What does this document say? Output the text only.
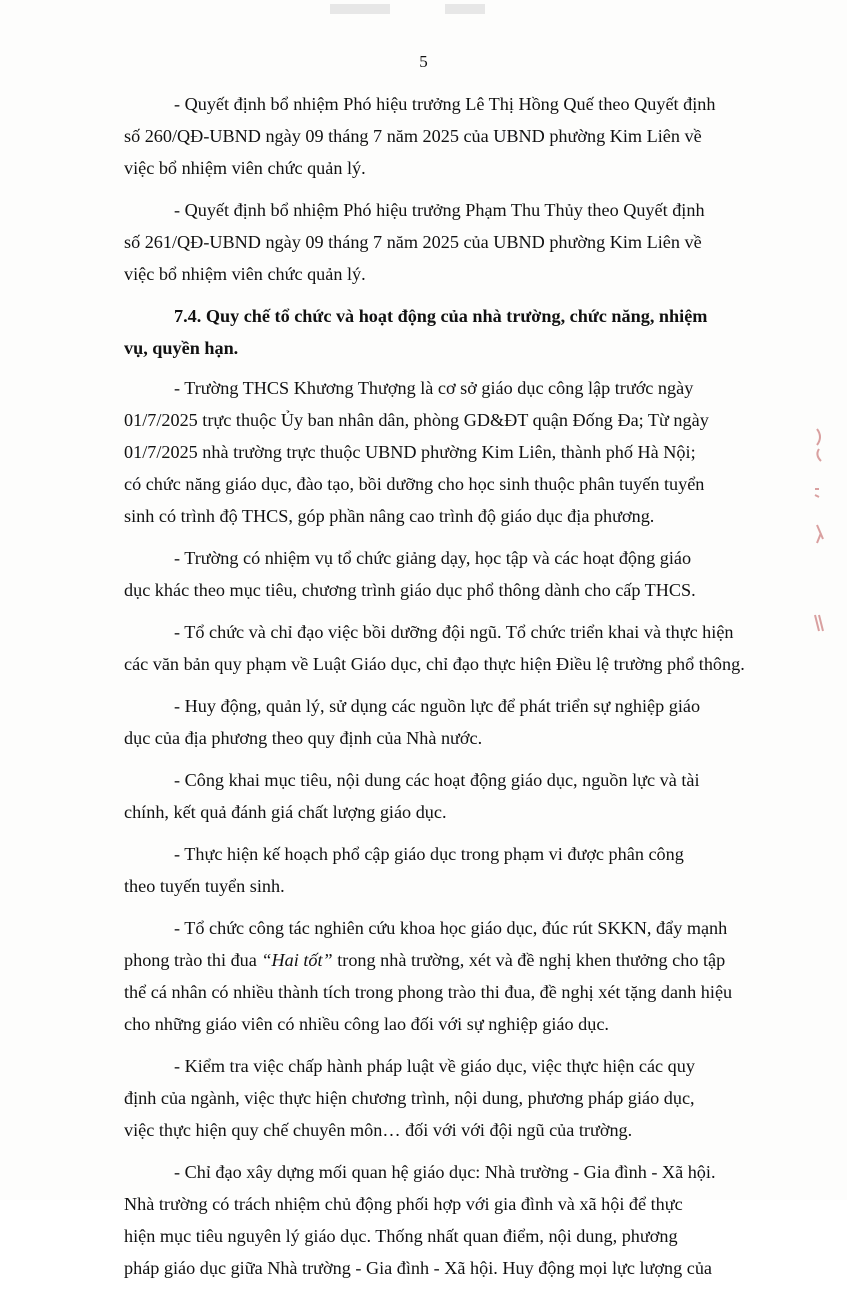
5

- Quyết định bổ nhiệm Phó hiệu trưởng Lê Thị Hồng Quế theo Quyết định
số 260/QĐ-UBND ngày 09 tháng 7 năm 2025 của UBND phường Kim Liên về
việc bổ nhiệm viên chức quản lý.

- Quyết định bổ nhiệm Phó hiệu trưởng Phạm Thu Thủy theo Quyết định
số 261/QĐ-UBND ngày 09 tháng 7 năm 2025 của UBND phường Kim Liên về
việc bổ nhiệm viên chức quản lý.

7.4. Quy chế tổ chức và hoạt động của nhà trường, chức năng, nhiệm
vụ, quyền hạn.

- Trường THCS Khương Thượng là cơ sở giáo dục công lập trước ngày
01/7/2025 trực thuộc Ủy ban nhân dân, phòng GD&ĐT quận Đống Đa; Từ ngày
01/7/2025 nhà trường trực thuộc UBND phường Kim Liên, thành phố Hà Nội;
có chức năng giáo dục, đào tạo, bồi dưỡng cho học sinh thuộc phân tuyến tuyển
sinh có trình độ THCS, góp phần nâng cao trình độ giáo dục địa phương.

- Trường có nhiệm vụ tổ chức giảng dạy, học tập và các hoạt động giáo
dục khác theo mục tiêu, chương trình giáo dục phổ thông dành cho cấp THCS.

- Tổ chức và chỉ đạo việc bồi dưỡng đội ngũ. Tổ chức triển khai và thực hiện
các văn bản quy phạm về Luật Giáo dục, chỉ đạo thực hiện Điều lệ trường phổ thông.

- Huy động, quản lý, sử dụng các nguồn lực để phát triển sự nghiệp giáo
dục của địa phương theo quy định của Nhà nước.

- Công khai mục tiêu, nội dung các hoạt động giáo dục, nguồn lực và tài
chính, kết quả đánh giá chất lượng giáo dục.

- Thực hiện kế hoạch phổ cập giáo dục trong phạm vi được phân công
theo tuyến tuyển sinh.

- Tổ chức công tác nghiên cứu khoa học giáo dục, đúc rút SKKN, đẩy mạnh
phong trào thi đua “Hai tốt” trong nhà trường, xét và đề nghị khen thưởng cho tập
thể cá nhân có nhiều thành tích trong phong trào thi đua, đề nghị xét tặng danh hiệu
cho những giáo viên có nhiều công lao đối với sự nghiệp giáo dục.

- Kiểm tra việc chấp hành pháp luật về giáo dục, việc thực hiện các quy
định của ngành, việc thực hiện chương trình, nội dung, phương pháp giáo dục,
việc thực hiện quy chế chuyên môn… đối với với đội ngũ của trường.

- Chỉ đạo xây dựng mối quan hệ giáo dục: Nhà trường - Gia đình - Xã hội.
Nhà trường có trách nhiệm chủ động phối hợp với gia đình và xã hội để thực
hiện mục tiêu nguyên lý giáo dục. Thống nhất quan điểm, nội dung, phương
pháp giáo dục giữa Nhà trường - Gia đình - Xã hội. Huy động mọi lực lượng của
